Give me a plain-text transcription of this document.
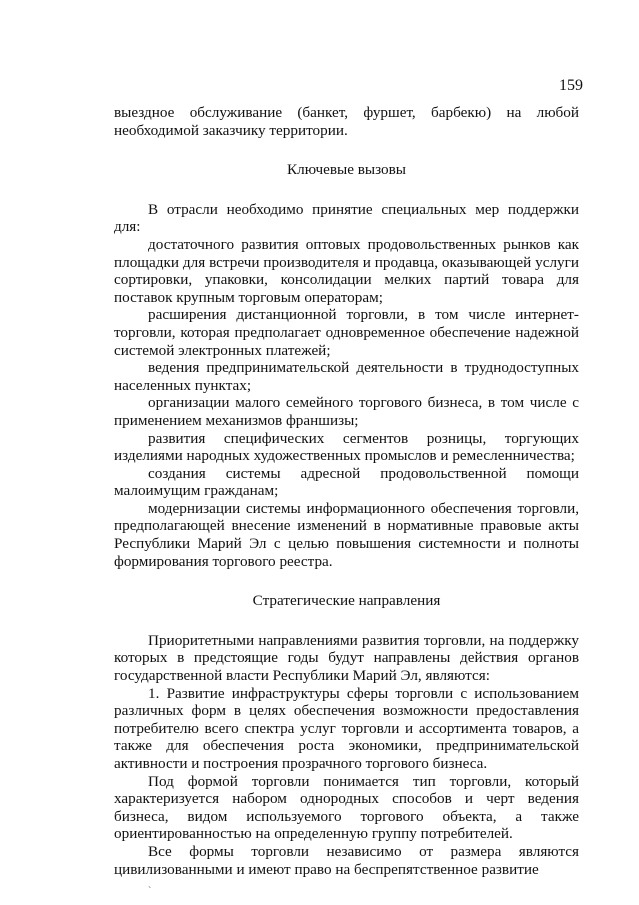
159

выездное обслуживание (банкет, фуршет, барбекю) на любой необходимой заказчику территории.

Ключевые вызовы

В отрасли необходимо принятие специальных мер поддержки для:

достаточного развития оптовых продовольственных рынков как площадки для встречи производителя и продавца, оказывающей услуги сортировки, упаковки, консолидации мелких партий товара для поставок крупным торговым операторам;

расширения дистанционной торговли, в том числе интернет-торговли, которая предполагает одновременное обеспечение надежной системой электронных платежей;

ведения предпринимательской деятельности в труднодоступных населенных пунктах;

организации малого семейного торгового бизнеса, в том числе с применением механизмов франшизы;

развития специфических сегментов розницы, торгующих изделиями народных художественных промыслов и ремесленничества;

создания системы адресной продовольственной помощи малоимущим гражданам;

модернизации системы информационного обеспечения торговли, предполагающей внесение изменений в нормативные правовые акты Республики Марий Эл с целью повышения системности и полноты формирования торгового реестра.

Стратегические направления

Приоритетными направлениями развития торговли, на поддержку которых в предстоящие годы будут направлены действия органов государственной власти Республики Марий Эл, являются:

1. Развитие инфраструктуры сферы торговли с использованием различных форм в целях обеспечения возможности предоставления потребителю всего спектра услуг торговли и ассортимента товаров, а также для обеспечения роста экономики, предпринимательской активности и построения прозрачного торгового бизнеса.

Под формой торговли понимается тип торговли, который характеризуется набором однородных способов и черт ведения бизнеса, видом используемого торгового объекта, а также ориентированностью на определенную группу потребителей.

Все формы торговли независимо от размера являются цивилизованными и имеют право на беспрепятственное развитие

`
